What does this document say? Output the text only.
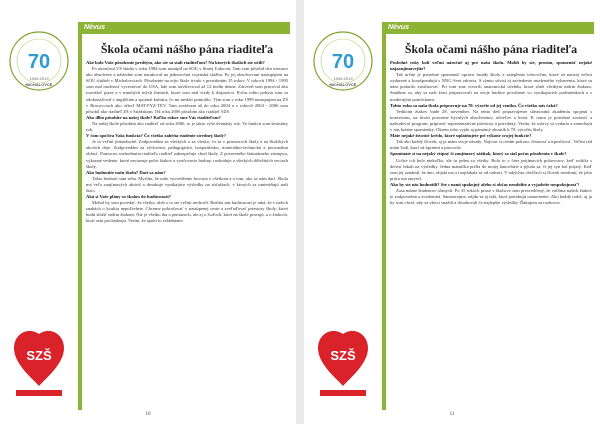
70
1949-2019
MICHALOVCE
SZŠ
Névus
Škola očami nášho pána riaditeľa
Aké bolo Vaše pôsobenie predtým, ako ste sa stali riaditeľom? Na ktorých školách ste učili?
Po ukončení VŠ štúdia v roku 1984 som nastúpil na SOU v Starej Ľubovni. Tam som pôsobil dva mesiace ako absolvent a následne som narukoval na jednoročnú vojenskú službu. Po jej absolvovaní nastupujem na SOU služieb v Michalovciach. Pôsobenie na tejto škole trvalo s prerušením 15 rokov. V rokoch 1994 - 1995 som mal možnosť vycestovať do USA, kde som navštevoval až 12 hodín denne. Zároveň som pracoval ako rozvážač pizze a v mnohých iných firmách, ktoré som mal vtedy k dispozícii. Počas tohto pobytu som sa zdokonaľoval v angličtine a spoznal kultúru, čo mi neskôr pomohlo. Tým som v roku 1999 nastupujem na ZŠ v Bracovciach ako učiteľ MAT-FYZ-TEV. Tam zostávam až do roku 2004 a v rokoch 2004 - 2006 som pôsobil ako riaditeľ ZŠ v Strážskom. Od roku 2006 pôsobím ako riaditeľ SZŠ.
Ako dlho pôsobíte na našej škole? Koľko rokov sme Vás riaditeľom?
Na našej škole pôsobím ako riaditeľ od roku 2006, to je takto vyše dvanásty rok. Vo funkcii som šestnásty rok.
V čom spočíva Vaša funkcia? Čo všetko zahŕňa riadenie strednej školy?
Je to veľmi jednoduché. Zodpovedám za všetkých a za všetko, čo sa v priestoroch školy a na školských akciách deje. Zodpovedám za výchovnú, pedagogickú, hospodársku, materiálno-technickú a personálnu oblasť. Pomocou rozhodnutia riaditeľa riaditeľ zabezpečuje chod školy. Z povereného štatutárneho zástupcu, výkonné vedenie, ktoré zaviazuje počet žiakov a vyučovacie hodiny, rozhoduje o všetkých dôležitých veciach školy.
Ako hodnotíte našu školu? Darí sa nám?
Takto hodnotí sám seba. Myslím, že naše vysvedčenie hovoria o všetkom a o tom, ako sa nám darí. Škola má veľa zaujímavých aktivít a dosahuje vynikajúce výsledky na súťažiach, v ktorých sa umiestňujú naši žiaci.
Aká si Vaše plány so školou do budúcnosti?
Mohol by som povedať, že všetko, aleb o to ste veľmi nechceli. Realita nás budúcnosti je taká, že v našich snahách o kvalitu nepoľavíme. Chceme pokračovať v nastúpenej ceste a zveľaďovať priestory školy, ktoré budú slúžiť našim žiakom. Nie je všetko iba o peniazoch, ale aj o ľuďoch, ktorí na škole pracujú, a o žiakoch, ktorí sem prichádzajú. Verím, že spolu to zvládneme.
10
70
1949-2019
MICHALOVCE
SZŠ
Névus
Škola očami nášho pána riaditeľa
Posledné roky boli veľmi náročné aj pre našu školu. Mohli by ste, prosím, spomenúť nejaké najzaujímavejšie?
Tak určite je potrebné spomenúť opravu fasády školy a zateplenie telocvične, ktoré sú naozaj veľmi vydarené a korešpondujú s NNG Svet zdravia. S týmto súvisí aj zaviedenie moderného vybavenia, ktoré sa nám podarilo zrealizovať. Pri tom sme otvorili anatomickú učebňu, ktorá slúži všetkým našim žiakom. Snažíme sa, aby sa naši žiaci pripravovali na svoje budúce povolanie vo vynikajúcich podmienkach a s modernými pomôckami.
Tohto roku sa naša škola pripravuje na 70. výročie od jej vzniku. Čo všetko nás čaká?
Vedúcim žiakov bude 28. november. Na tento deň pripravujeme slávnostnú akadémiu spojenú s koncertom, na ktorú pozveme bývalých absolventov, učiteľov a hostí. K tomu je potrebné zostaviť a naštudovať program, pripraviť reprezentatívne priestory a pozvánky. Verím, že oslavy sa vydaria a zanechajú v nás krásne spomienky. Okrem toho vyjde aj pamätný zborník k 70. výročiu školy.
Máte nejaké životné krédo, ktoré uplatňujete pri výkone svojej funkcie?
Tak ako každý človek, aj ja mám svoje zásady. Najviac si cením pokoru, čestnosť a trpezlivosť. Veľmi rád mám ľudí, ktorí sú úprimní a pracovití.
Spomínate si na nejaký vtipný či zaujímavý zážitok, ktorý sa stal počas pôsobenia v škole?
Určite ich bolo niekoľko, ale tu jeden za všetky. Bolo to v čase prijímacích pohovorov, keď rodičia s deťmi čakali na výsledky. Jedna mamička prišla do mojej kancelárie a pýtala sa, či jej syn bol prijatý. Keď som jej oznámil, že áno, objala ma a rozplakala sa od radosti. V takýchto chvíľach si človek uvedomí, že jeho práca má zmysel.
Ako by ste nás hodnotili? Ste s nami spokojný alebo si občas neodolíte a vyjadríte nespokojnosť?
Zasa máme študentov rôznych. Po 35 rokoch praxe v školstve som presvedčený, že väčšina našich žiakov je zodpovedná a svedomitá. Samozrejme, nájdu sa aj takí, ktorí potrebujú usmernenie. Ako každý rodič, aj ja by som chcel, aby sa všetci snažili a dosahovali čo najlepšie výsledky. Ďakujem za rozhovor.
11
